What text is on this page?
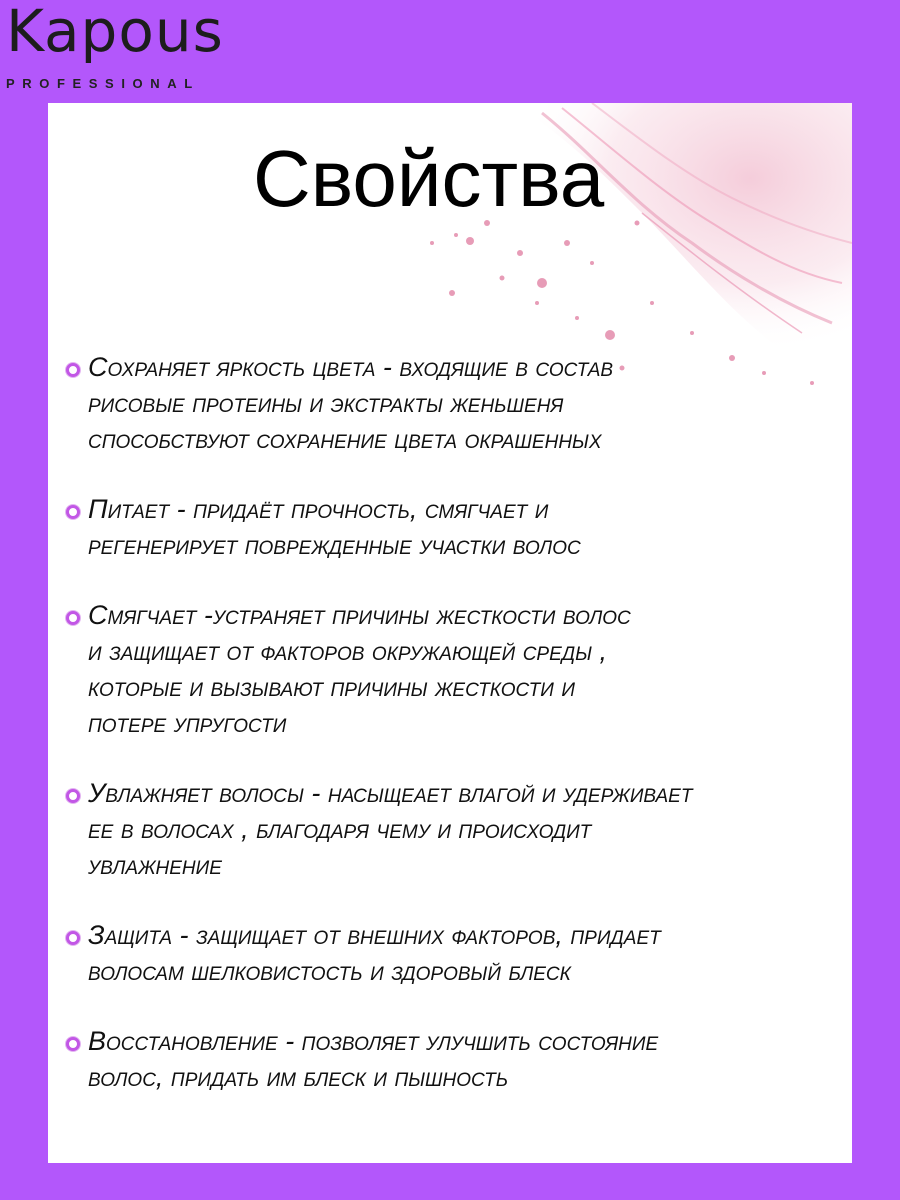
Kapous
PROFESSIONAL
Свойства
Сохраняет яркость цвета - входящие в состав
рисовые протеины и экстракты женьшеня
способствуют сохранение цвета окрашенных
Питает - придаёт прочность, смягчает и
регенерирует поврежденные участки волос
Смягчает -устраняет причины жесткости волос
и защищает от факторов окружающей среды ,
которые и вызывают причины жесткости и
потере упругости
Увлажняет волосы - насыщеает влагой и удерживает
ее в волосах , благодаря чему и происходит
увлажнение
Защита - защищает от внешних факторов, придает
волосам шелковистость и здоровый блеск
Восстановление - позволяет улучшить состояние
волос, придать им блеск и пышность
